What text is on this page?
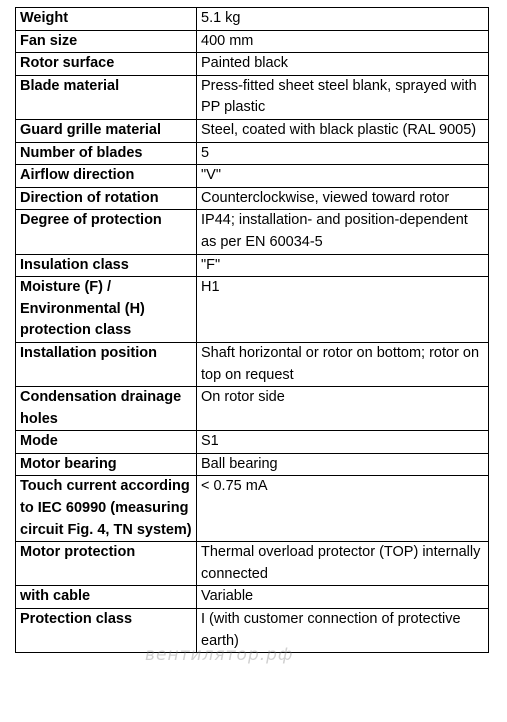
Weight	5.1 kg
Fan size	400 mm
Rotor surface	Painted black
Blade material	Press-fitted sheet steel blank, sprayed with PP plastic
Guard grille material	Steel, coated with black plastic (RAL 9005)
Number of blades	5
Airflow direction	"V"
Direction of rotation	Counterclockwise, viewed toward rotor
Degree of protection	IP44; installation- and position-dependent as per EN 60034-5
Insulation class	"F"
Moisture (F) / Environmental (H) protection class	H1
Installation position	Shaft horizontal or rotor on bottom; rotor on top on request
Condensation drainage holes	On rotor side
Mode	S1
Motor bearing	Ball bearing
Touch current according to IEC 60990 (measuring circuit Fig. 4, TN system)	< 0.75 mA
Motor protection	Thermal overload protector (TOP) internally connected
with cable	Variable
Protection class	I (with customer connection of protective earth)
вентилятор.рф
